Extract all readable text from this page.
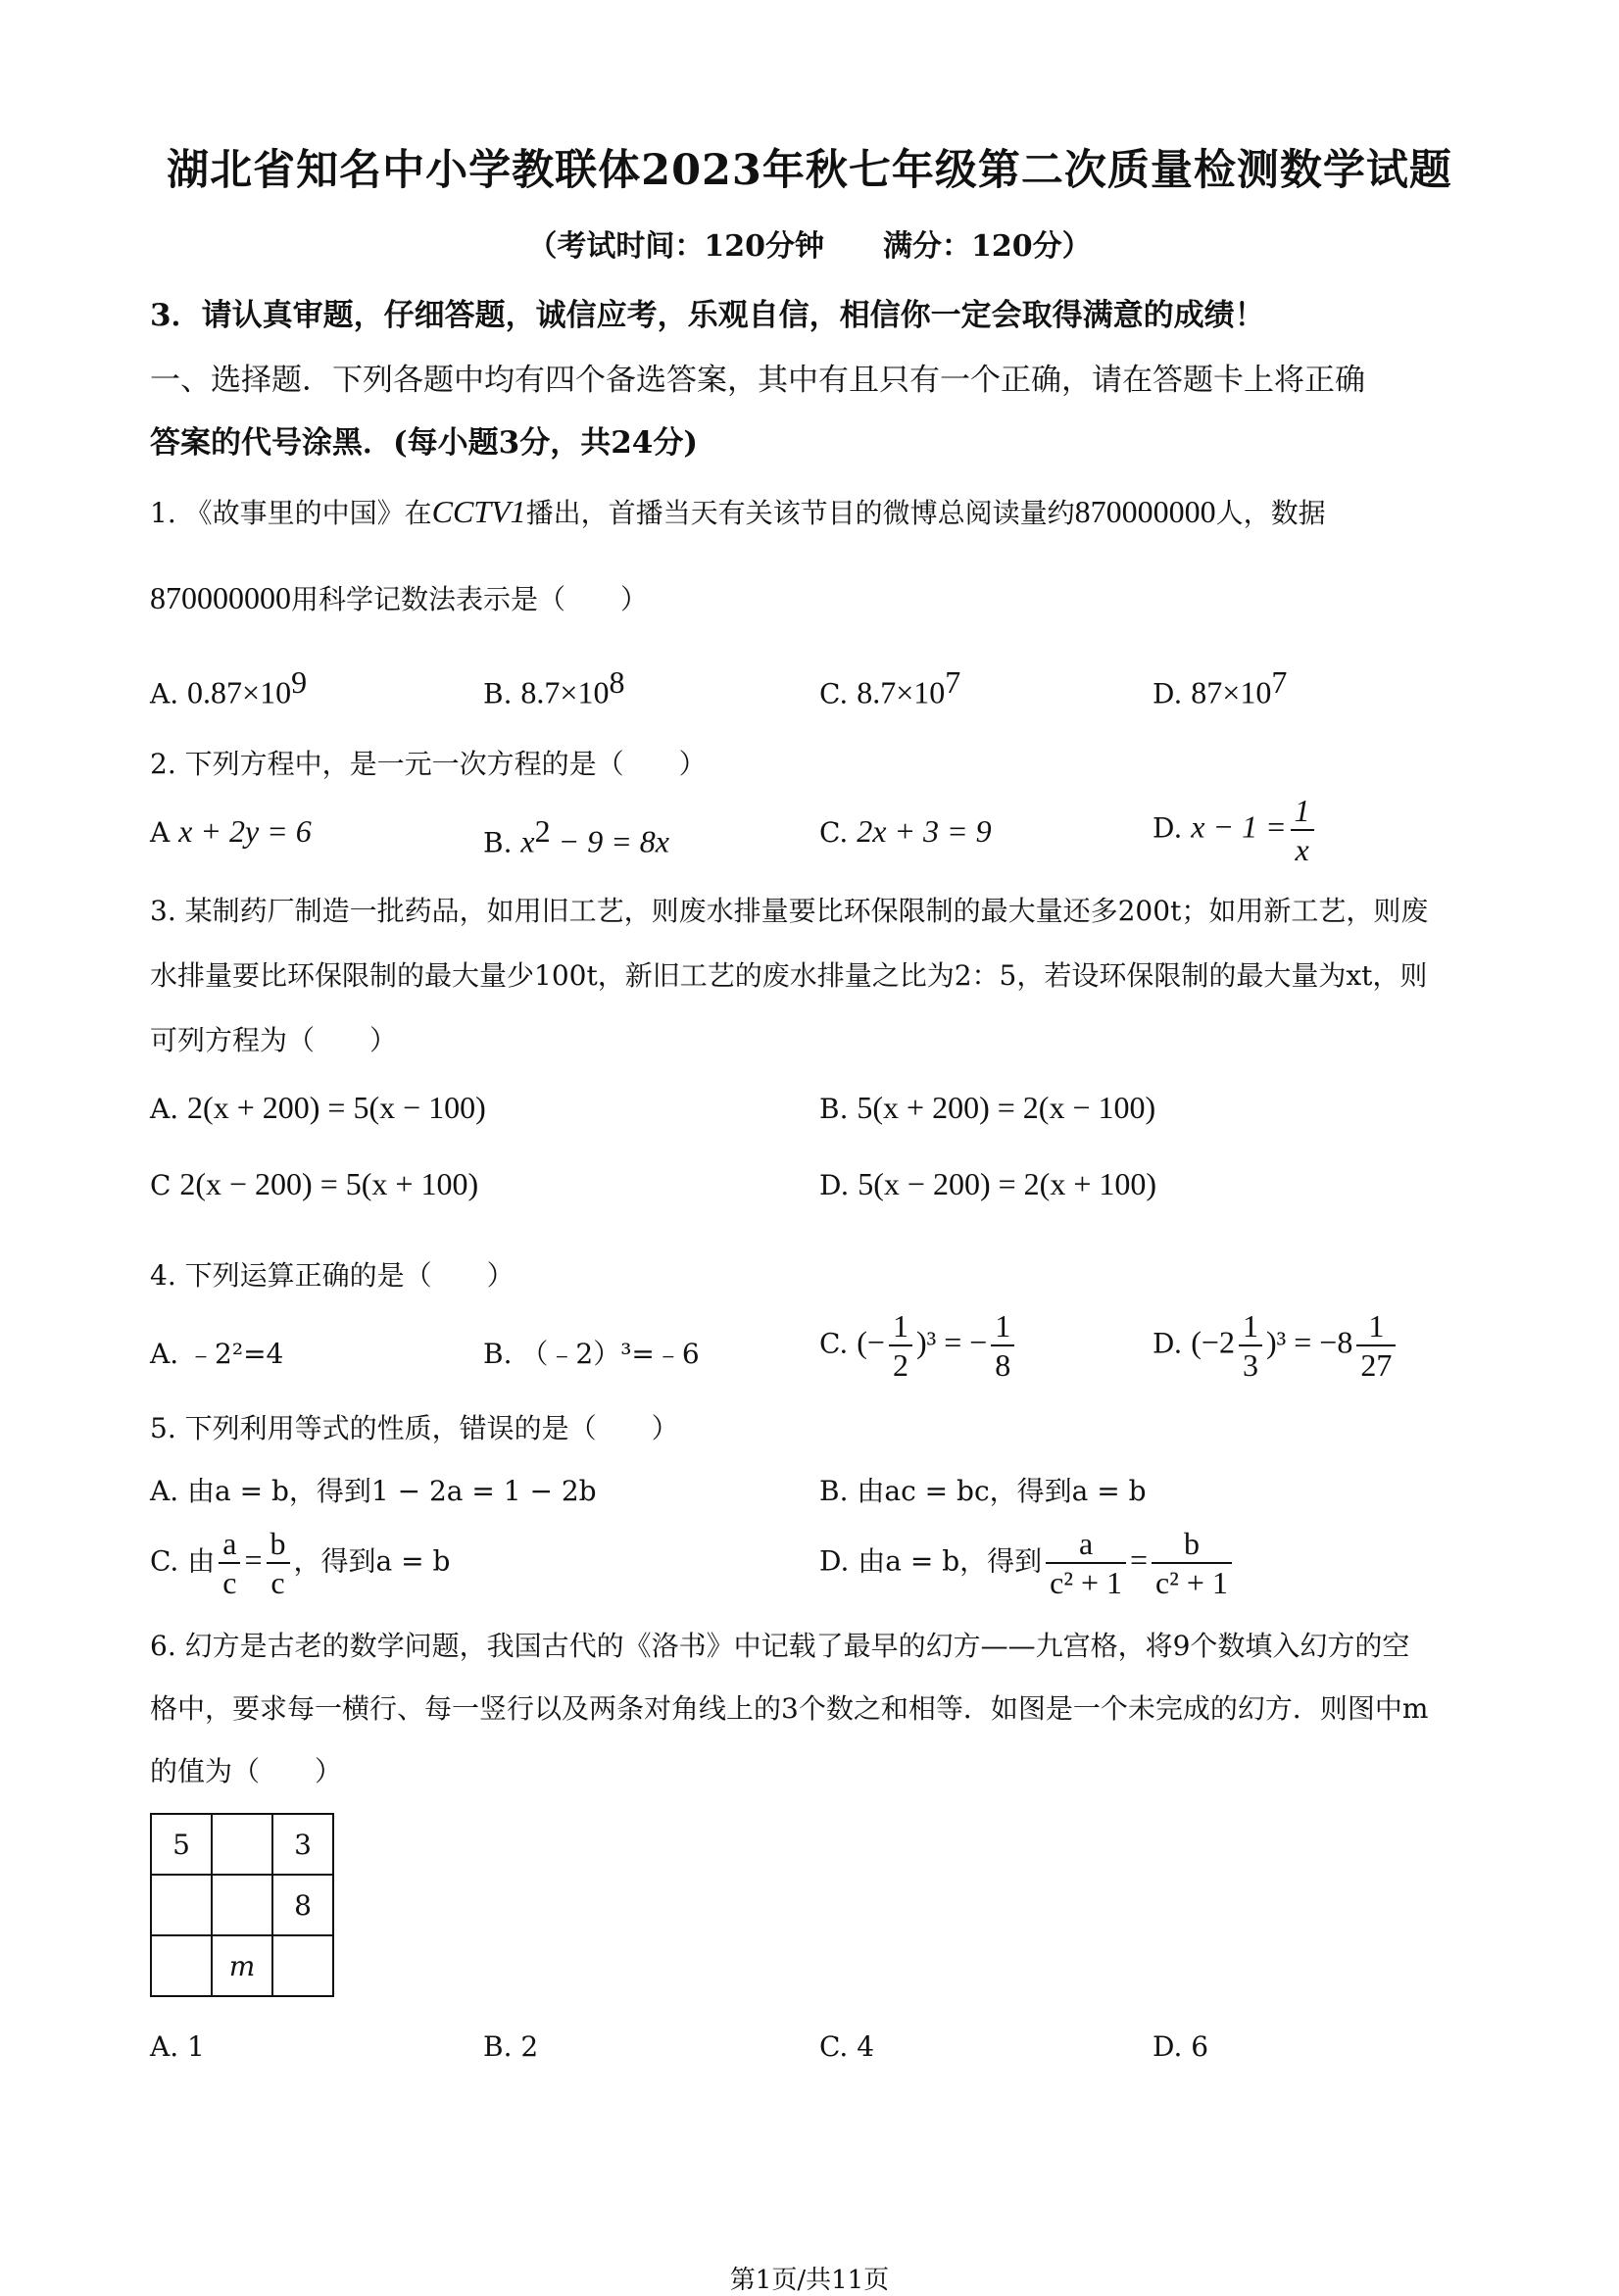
湖北省知名中小学教联体2023年秋七年级第二次质量检测数学试题
（考试时间：120分钟 满分：120分）
3．请认真审题，仔细答题，诚信应考，乐观自信，相信你一定会取得满意的成绩！
一、选择题．下列各题中均有四个备选答案，其中有且只有一个正确，请在答题卡上将正确
答案的代号涂黑．(每小题3分，共24分)
1. 《故事里的中国》在CCTV1播出，首播当天有关该节目的微博总阅读量约870000000人，数据
870000000用科学记数法表示是（　　）
A. $0.87\times 10^9$	B. $8.7\times 10^8$	C. $8.7\times 10^7$	D. $87\times 10^7$
2. 下列方程中，是一元一次方程的是（　　）
A x + 2y = 6	B. $x^2 - 9 = 8x$	C. 2x + 3 = 9	D. $x - 1 = \frac{1}{x}$
3. 某制药厂制造一批药品，如用旧工艺，则废水排量要比环保限制的最大量还多200t；如用新工艺，则废
水排量要比环保限制的最大量少100t，新旧工艺的废水排量之比为2：5，若设环保限制的最大量为xt，则
可列方程为（　　）
A. 2(x + 200) = 5(x − 100)	B. 5(x + 200) = 2(x − 100)
C 2(x − 200) = 5(x + 100)	D. 5(x − 200) = 2(x + 100)
4. 下列运算正确的是（　　）
A. ﹣2²=4	B. （﹣2）³=﹣6	C. (− $\frac{1}{2} )^3$ = − $\frac{1}{8}$	D. $(-2 \frac{1}{3} )^3 = -8 \frac{1}{27}$
5. 下列利用等式的性质，错误的是（　　）
A. 由a = b，得到1 − 2a = 1 − 2b	B. 由ac = bc，得到a = b
C. 由 $\frac{a}{c} = \frac{b}{c}$ ，得到a = b	D. 由a = b，得到 $\frac{a}{\text{c² + 1}} = \frac{b}{\text{c² + 1}}$
6. 幻方是古老的数学问题，我国古代的《洛书》中记载了最早的幻方——九宫格，将9个数填入幻方的空
格中，要求每一横行、每一竖行以及两条对角线上的3个数之和相等．如图是一个未完成的幻方．则图中m
的值为（　　）
5		3
		8
	m	
A. 1	B. 2	C. 4	D. 6
第1页/共11页
